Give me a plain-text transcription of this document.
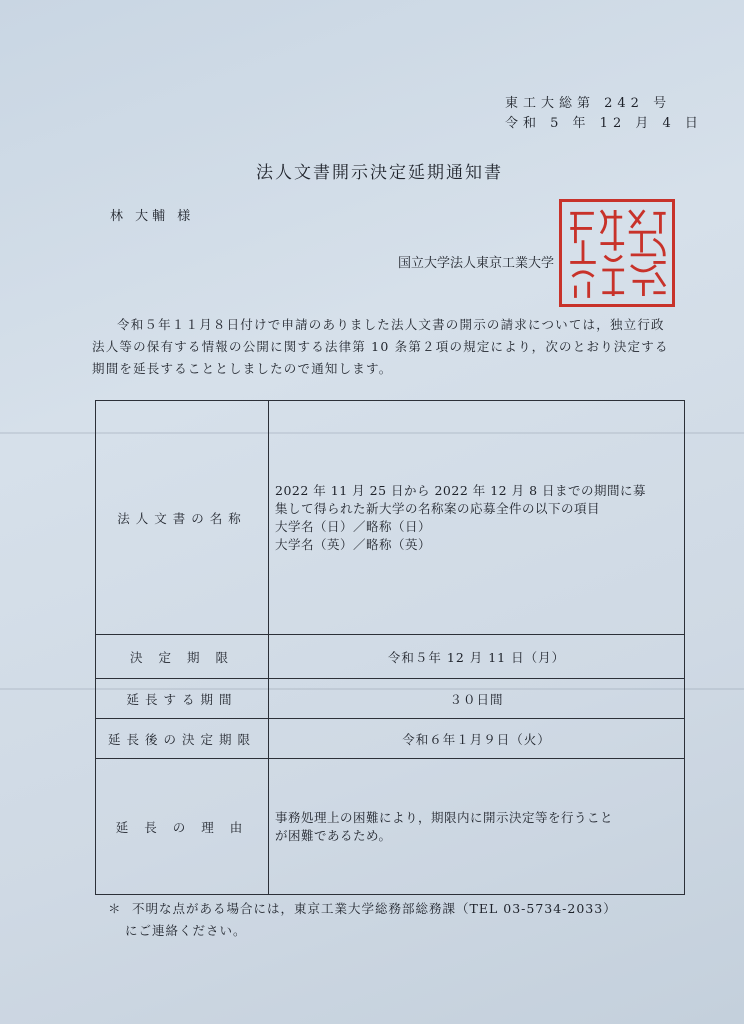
東工大総第 242 号
令和 5 年 12 月 4 日
法人文書開示決定延期通知書
林 大輔 様
国立大学法人東京工業大学

令和５年１１月８日付けで申請のありました法人文書の開示の請求については，独立行政法人等の保有する情報の公開に関する法律第 10 条第２項の規定により，次のとおり決定する期間を延長することとしましたので通知します。

法人文書の名称	2022 年 11 月 25 日から 2022 年 12 月 8 日までの期間に募
集して得られた新大学の名称案の応募全件の以下の項目
大学名（日）／略称（日）
大学名（英）／略称（英）

決 定 期 限	令和５年 12 月 11 日（月）
延長する期間	３０日間
延長後の決定期限	令和６年１月９日（火）
延 長 の 理 由	事務処理上の困難により，期限内に開示決定等を行うこと
が困難であるため。
＊ 不明な点がある場合には，東京工業大学総務部総務課（TEL 03-5734-2033）
にご連絡ください。
